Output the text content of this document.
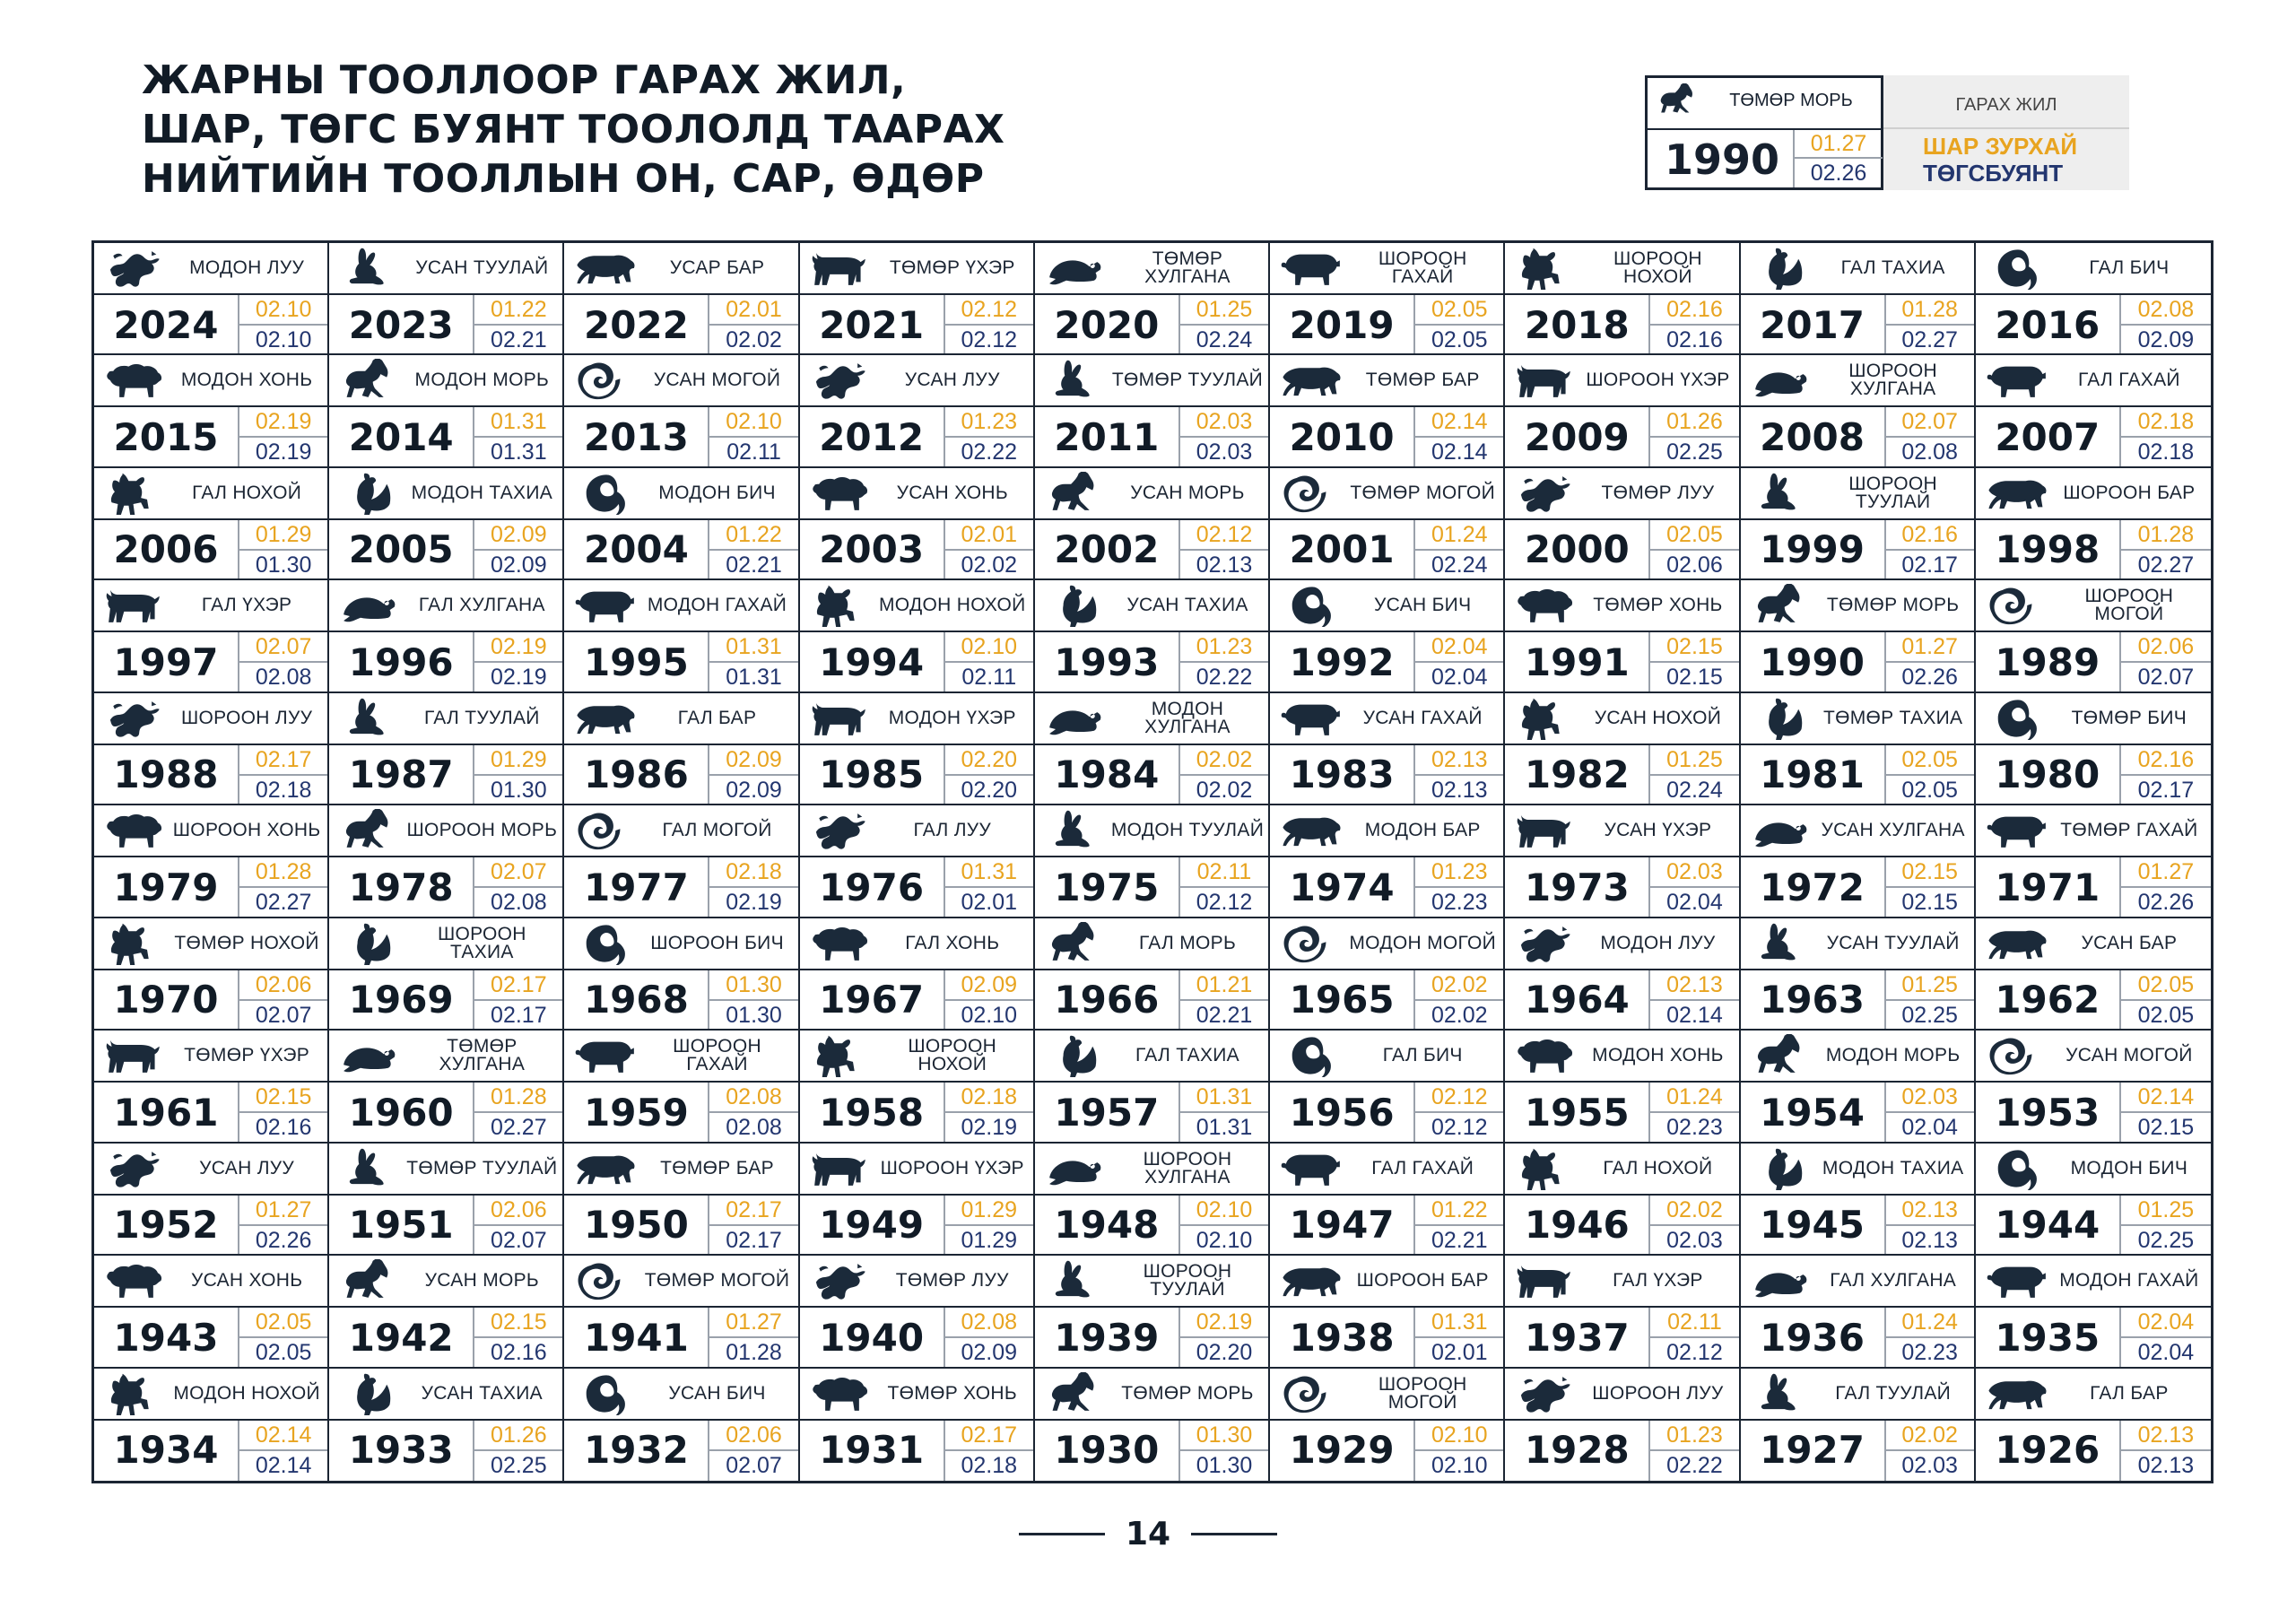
ЖАРНЫ ТООЛЛООР ГАРАХ ЖИЛ,
ШАР, ТӨГС БУЯНТ ТООЛОЛД ТААРАХ
НИЙТИЙН ТООЛЛЫН ОН, САР, ӨДӨР
ТӨМӨР МОРЬ
1990	01.27
02.26
ГАРАХ ЖИЛ
ШАР ЗУРХАЙ
ТӨГСБУЯНТ
МОДОН ЛУУ
2024	02.10
02.10
УСАН ТУУЛАЙ
2023	01.22
02.21
УСАР БАР
2022	02.01
02.02
ТӨМӨР ҮХЭР
2021	02.12
02.12
ТӨМӨР ХУЛГАНА
2020	01.25
02.24
ШОРООН ГАХАЙ
2019	02.05
02.05
ШОРООН НОХОЙ
2018	02.16
02.16
ГАЛ ТАХИА
2017	01.28
02.27
ГАЛ БИЧ
2016	02.08
02.09
МОДОН ХОНЬ
2015	02.19
02.19
МОДОН МОРЬ
2014	01.31
01.31
УСАН МОГОЙ
2013	02.10
02.11
УСАН ЛУУ
2012	01.23
02.22
ТӨМӨР ТУУЛАЙ
2011	02.03
02.03
ТӨМӨР БАР
2010	02.14
02.14
ШОРООН ҮХЭР
2009	01.26
02.25
ШОРООН ХУЛГАНА
2008	02.07
02.08
ГАЛ ГАХАЙ
2007	02.18
02.18
ГАЛ НОХОЙ
2006	01.29
01.30
МОДОН ТАХИА
2005	02.09
02.09
МОДОН БИЧ
2004	01.22
02.21
УСАН ХОНЬ
2003	02.01
02.02
УСАН МОРЬ
2002	02.12
02.13
ТӨМӨР МОГОЙ
2001	01.24
02.24
ТӨМӨР ЛУУ
2000	02.05
02.06
ШОРООН ТУУЛАЙ
1999	02.16
02.17
ШОРООН БАР
1998	01.28
02.27
ГАЛ ҮХЭР
1997	02.07
02.08
ГАЛ ХУЛГАНА
1996	02.19
02.19
МОДОН ГАХАЙ
1995	01.31
01.31
МОДОН НОХОЙ
1994	02.10
02.11
УСАН ТАХИА
1993	01.23
02.22
УСАН БИЧ
1992	02.04
02.04
ТӨМӨР ХОНЬ
1991	02.15
02.15
ТӨМӨР МОРЬ
1990	01.27
02.26
ШОРООН МОГОЙ
1989	02.06
02.07
ШОРООН ЛУУ
1988	02.17
02.18
ГАЛ ТУУЛАЙ
1987	01.29
01.30
ГАЛ БАР
1986	02.09
02.09
МОДОН ҮХЭР
1985	02.20
02.20
МОДОН ХУЛГАНА
1984	02.02
02.02
УСАН ГАХАЙ
1983	02.13
02.13
УСАН НОХОЙ
1982	01.25
02.24
ТӨМӨР ТАХИА
1981	02.05
02.05
ТӨМӨР БИЧ
1980	02.16
02.17
ШОРООН ХОНЬ
1979	01.28
02.27
ШОРООН МОРЬ
1978	02.07
02.08
ГАЛ МОГОЙ
1977	02.18
02.19
ГАЛ ЛУУ
1976	01.31
02.01
МОДОН ТУУЛАЙ
1975	02.11
02.12
МОДОН БАР
1974	01.23
02.23
УСАН ҮХЭР
1973	02.03
02.04
УСАН ХУЛГАНА
1972	02.15
02.15
ТӨМӨР ГАХАЙ
1971	01.27
02.26
ТӨМӨР НОХОЙ
1970	02.06
02.07
ШОРООН ТАХИА
1969	02.17
02.17
ШОРООН БИЧ
1968	01.30
01.30
ГАЛ ХОНЬ
1967	02.09
02.10
ГАЛ МОРЬ
1966	01.21
02.21
МОДОН МОГОЙ
1965	02.02
02.02
МОДОН ЛУУ
1964	02.13
02.14
УСАН ТУУЛАЙ
1963	01.25
02.25
УСАН БАР
1962	02.05
02.05
ТӨМӨР ҮХЭР
1961	02.15
02.16
ТӨМӨР ХУЛГАНА
1960	01.28
02.27
ШОРООН ГАХАЙ
1959	02.08
02.08
ШОРООН НОХОЙ
1958	02.18
02.19
ГАЛ ТАХИА
1957	01.31
01.31
ГАЛ БИЧ
1956	02.12
02.12
МОДОН ХОНЬ
1955	01.24
02.23
МОДОН МОРЬ
1954	02.03
02.04
УСАН МОГОЙ
1953	02.14
02.15
УСАН ЛУУ
1952	01.27
02.26
ТӨМӨР ТУУЛАЙ
1951	02.06
02.07
ТӨМӨР БАР
1950	02.17
02.17
ШОРООН ҮХЭР
1949	01.29
01.29
ШОРООН ХУЛГАНА
1948	02.10
02.10
ГАЛ ГАХАЙ
1947	01.22
02.21
ГАЛ НОХОЙ
1946	02.02
02.03
МОДОН ТАХИА
1945	02.13
02.13
МОДОН БИЧ
1944	01.25
02.25
УСАН ХОНЬ
1943	02.05
02.05
УСАН МОРЬ
1942	02.15
02.16
ТӨМӨР МОГОЙ
1941	01.27
01.28
ТӨМӨР ЛУУ
1940	02.08
02.09
ШОРООН ТУУЛАЙ
1939	02.19
02.20
ШОРООН БАР
1938	01.31
02.01
ГАЛ ҮХЭР
1937	02.11
02.12
ГАЛ ХУЛГАНА
1936	01.24
02.23
МОДОН ГАХАЙ
1935	02.04
02.04
МОДОН НОХОЙ
1934	02.14
02.14
УСАН ТАХИА
1933	01.26
02.25
УСАН БИЧ
1932	02.06
02.07
ТӨМӨР ХОНЬ
1931	02.17
02.18
ТӨМӨР МОРЬ
1930	01.30
01.30
ШОРООН МОГОЙ
1929	02.10
02.10
ШОРООН ЛУУ
1928	01.23
02.22
ГАЛ ТУУЛАЙ
1927	02.02
02.03
ГАЛ БАР
1926	02.13
02.13
14
